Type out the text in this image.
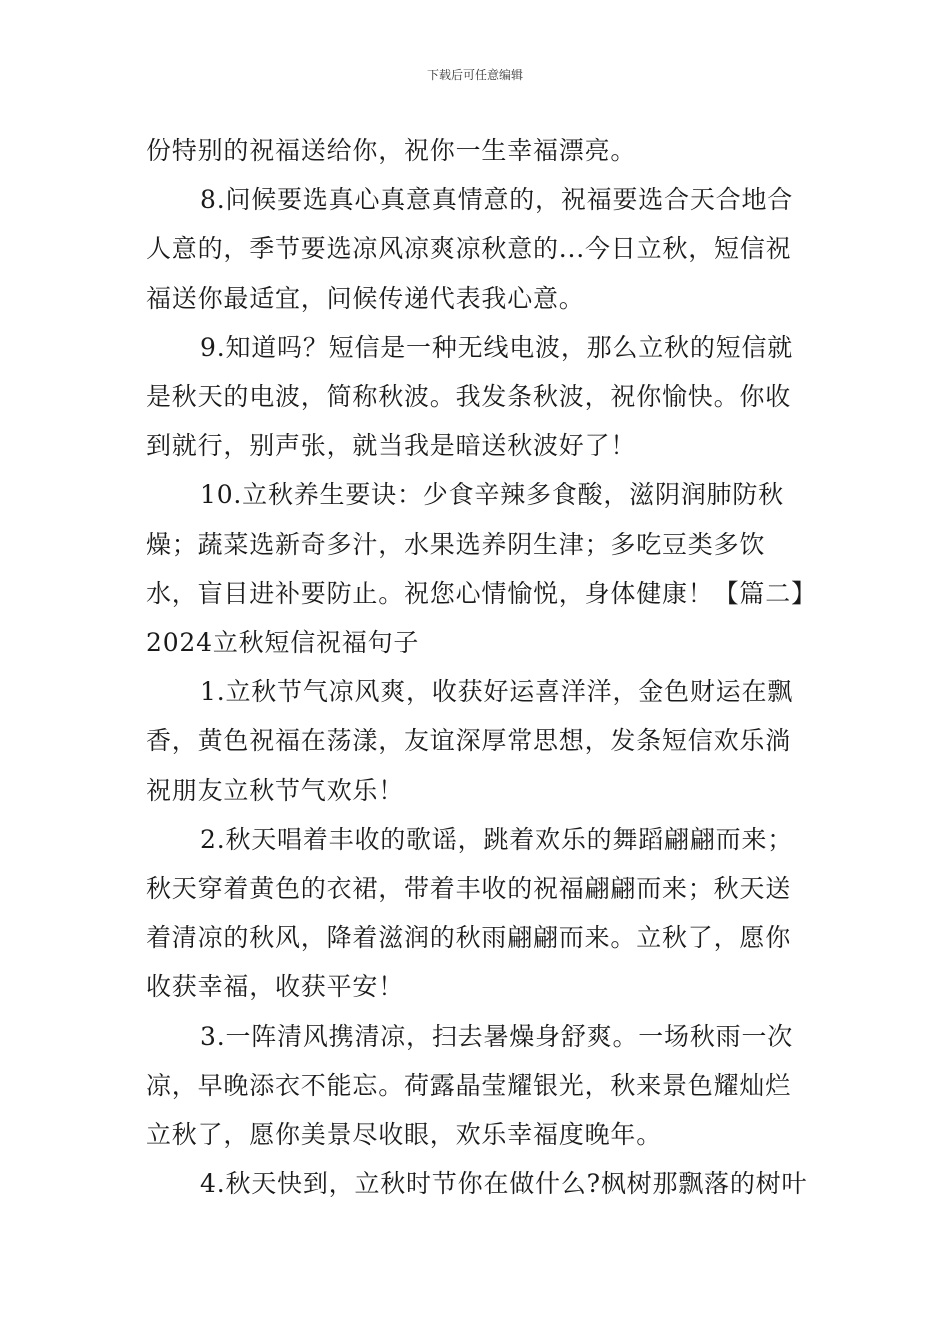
下载后可任意编辑

份特别的祝福送给你，祝你一生幸福漂亮。

8.问候要选真心真意真情意的，祝福要选合天合地合人意的，季节要选凉风凉爽凉秋意的...今日立秋，短信祝福送你最适宜，问候传递代表我心意。

9.知道吗？短信是一种无线电波，那么立秋的短信就是秋天的电波，简称秋波。我发条秋波，祝你愉快。你收到就行，别声张，就当我是暗送秋波好了！

10.立秋养生要诀：少食辛辣多食酸，滋阴润肺防秋燥；蔬菜选新奇多汁，水果选养阴生津；多吃豆类多饮水，盲目进补要防止。祝您心情愉悦，身体健康！【篇二】2024立秋短信祝福句子

1.立秋节气凉风爽，收获好运喜洋洋，金色财运在飘香，黄色祝福在荡漾，友谊深厚常思想，发条短信欢乐淌祝朋友立秋节气欢乐！

2.秋天唱着丰收的歌谣，跳着欢乐的舞蹈翩翩而来；秋天穿着黄色的衣裙，带着丰收的祝福翩翩而来；秋天送着清凉的秋风，降着滋润的秋雨翩翩而来。立秋了，愿你收获幸福，收获平安！

3.一阵清风携清凉，扫去暑燥身舒爽。一场秋雨一次凉，早晚添衣不能忘。荷露晶莹耀银光，秋来景色耀灿烂立秋了，愿你美景尽收眼，欢乐幸福度晚年。

4.秋天快到，立秋时节你在做什么?枫树那飘落的树叶
